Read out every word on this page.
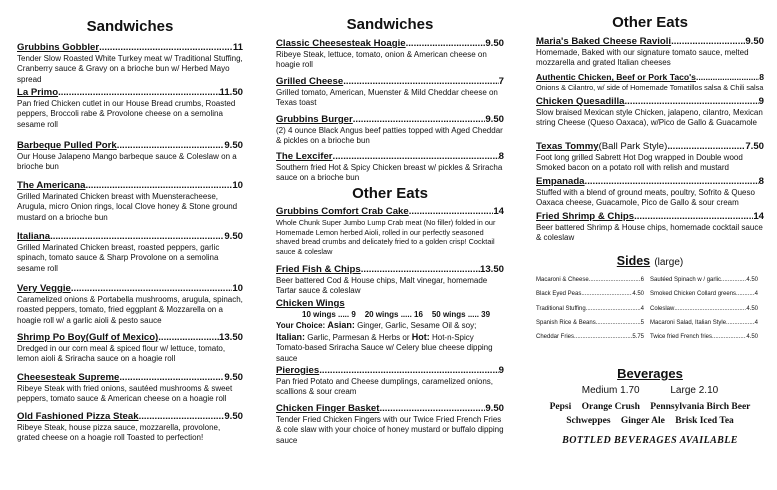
Sandwiches
Grubbins Gobbler .....	11
Tender Slow Roasted White Turkey meat w/ Traditional Stuffing, Cranberry sauce & Gravy on a brioche bun w/ Herbed Mayo spread
La Primo .....	11.50
Pan fried Chicken cutlet in our House Bread crumbs, Roasted peppers, Broccoli rabe & Provolone cheese on a semolina sesame roll
Barbeque Pulled Pork .....	9.50
Our House Jalapeno Mango barbeque sauce & Coleslaw on a brioche bun
The Americana .....	10
Grilled Marinated Chicken breast with Muensteracheese, Arugula, micro Onion rings, local Clove honey & Stone ground mustard on a brioche bun
Italiana .....	9.50
Grilled Marinated Chicken breast, roasted peppers, garlic spinach, tomato sauce & Sharp Provolone on a semolina sesame roll
Very Veggie .....	10
Caramelized onions & Portabella mushrooms, arugula, spinach, roasted peppers, tomato, fried eggplant & Mozzarella on a hoagie roll w/ a garlic aioli & pesto sauce
Shrimp Po Boy(Gulf of Mexico) .....	13.50
Dredged in our corn meal & spiced flour w/ lettuce, tomato, lemon aioli & Sriracha sauce on a hoagie roll
Cheesesteak Supreme .....	9.50
Ribeye Steak with fried onions, sautéed mushrooms & sweet peppers, tomato sauce & American cheese on a hoagie roll
Old Fashioned Pizza Steak .....	9.50
Ribeye Steak, house pizza sauce, mozzarella, provolone, grated cheese on a hoagie roll Toasted to perfection!
Sandwiches
Classic Cheesesteak Hoagie .....	9.50
Ribeye Steak, lettuce, tomato, onion & American cheese on hoagie roll
Grilled Cheese .....	7
Grilled tomato, American, Muenster & Mild Cheddar cheese on Texas toast
Grubbins Burger .....	9.50
(2) 4 ounce Black Angus beef patties topped with Aged Cheddar & pickles on a brioche bun
The Lexcifer .....	8
Southern fried Hot & Spicy Chicken breast w/ pickles & Sriracha sauce on a brioche bun
Other Eats
Grubbins Comfort Crab Cake .....	14
Whole Chunk Super Jumbo Lump Crab meat (No filler) folded in our Homemade Lemon herbed Aioli, rolled in our perfectly seasoned shaved bread crumbs and delicately fried to a golden crisp! Cocktail sauce & coleslaw
Fried Fish & Chips .....	13.50
Beer battered Cod & House chips, Malt vinegar, homemade Tartar sauce & coleslaw
Chicken Wings
10 wings ..... 9    20 wings ..... 16    50 wings ..... 39
Your Choice: Asian: Ginger, Garlic, Sesame Oil & soy; Italian: Garlic, Parmesan & Herbs or Hot: Hot-n-Spicy Tomato-based Sriracha Sauce w/ Celery blue cheese dipping sauce
Pierogies .....	9
Pan fried Potato and Cheese dumplings, caramelized onions, scallions & sour cream
Chicken Finger Basket .....	9.50
Tender Fried Chicken Fingers with our Twice Fried French Fries & cole slaw with your choice of honey mustard or buffalo dipping sauce
Other Eats
Maria's Baked Cheese Ravioli .....	9.50
Homemade, Baked with our signature tomato sauce, melted mozzarella and grated Italian cheeses
Authentic Chicken, Beef or Pork Taco's .....	8
Onions & Cilantro, w/ side of Homemade Tomatillos salsa & Chili salsa
Chicken Quesadilla .....	9
Slow braised Mexican style Chicken, jalapeno, cilantro, Mexican string Cheese (Queso Oaxaca), w/Pico de Gallo & Guacamole
Texas Tommy (Ball Park Style) .....	7.50
Foot long grilled Sabrett Hot Dog wrapped in Double wood Smoked bacon on a potato roll with relish and mustard
Empanada .....	8
Stuffed with a blend of ground meats, poultry, Sofrito & Queso Oaxaca cheese, Guacamole, Pico de Gallo & sour cream
Fried Shrimp & Chips .....	14
Beer battered Shrimp & House chips, homemade cocktail sauce & coleslaw
Sides (large)
Macaroni & Cheese .....	6 Sautéed Spinach w / garlic .....	4.50
Black Eyed Peas .....	4.50 Smoked Chicken Collard greens .....	4
Traditional Stuffing .....	4 Coleslaw .....	4.50
Spanish Rice & Beans .....	5 Macaroni Salad, Italian Style .....	4
Cheddar Fries .....	5.75 Twice fried French fries .....	4.50
Beverages
Medium 1.70	Large 2.10
Pepsi Orange Crush Pennsylvania Birch Beer
Schweppes Ginger Ale Brisk Iced Tea
BOTTLED BEVERAGES AVAILABLE
